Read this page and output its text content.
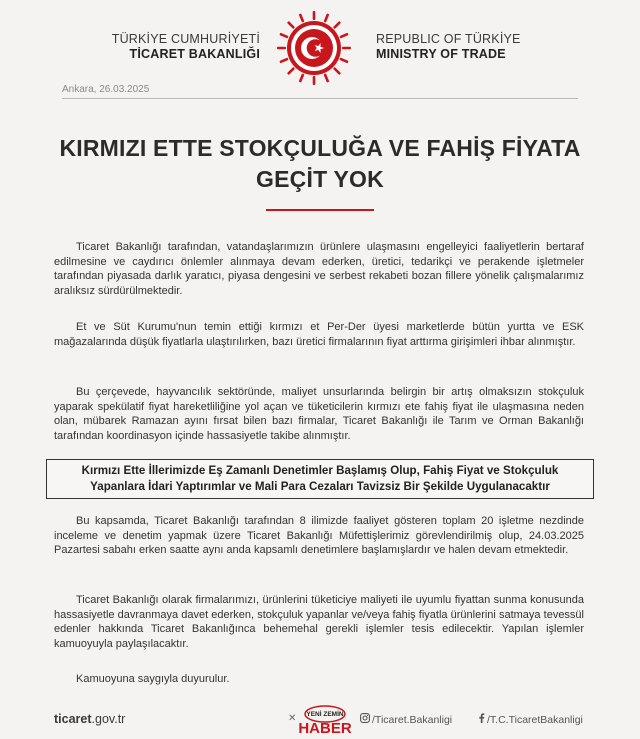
TÜRKİYE CUMHURİYETİ
TİCARET BAKANLIĞI
REPUBLIC OF TÜRKİYE
MINISTRY OF TRADE
Ankara, 26.03.2025
KIRMIZI ETTE STOKÇULUĞA VE FAHİŞ FİYATA GEÇİT YOK

Ticaret Bakanlığı tarafından, vatandaşlarımızın ürünlere ulaşmasını engelleyici faaliyetlerin bertaraf edilmesine ve caydırıcı önlemler alınmaya devam ederken, üretici, tedarikçi ve perakende işletmeler tarafından piyasada darlık yaratıcı, piyasa dengesini ve serbest rekabeti bozan fillere yönelik çalışmalarımız aralıksız sürdürülmektedir.

Et ve Süt Kurumu'nun temin ettiği kırmızı et Per-Der üyesi marketlerde bütün yurtta ve ESK mağazalarında düşük fiyatlarla ulaştırılırken, bazı üretici firmalarının fiyat arttırma girişimleri ihbar alınmıştır.

Bu çerçevede, hayvancılık sektöründe, maliyet unsurlarında belirgin bir artış olmaksızın stokçuluk yaparak spekülatif fiyat hareketliliğine yol açan ve tüketicilerin kırmızı ete fahiş fiyat ile ulaşmasına neden olan, mübarek Ramazan ayını fırsat bilen bazı firmalar, Ticaret Bakanlığı ile Tarım ve Orman Bakanlığı tarafından koordinasyon içinde hassasiyetle takibe alınmıştır.

Kırmızı Ette İllerimizde Eş Zamanlı Denetimler Başlamış Olup, Fahiş Fiyat ve Stokçuluk
Yapanlara İdari Yaptırımlar ve Mali Para Cezaları Tavizsiz Bir Şekilde Uygulanacaktır

Bu kapsamda, Ticaret Bakanlığı tarafından 8 ilimizde faaliyet gösteren toplam 20 işletme nezdinde inceleme ve denetim yapmak üzere Ticaret Bakanlığı Müfettişlerimiz görevlendirilmiş olup, 24.03.2025 Pazartesi sabahı erken saatte aynı anda kapsamlı denetimlere başlamışlardır ve halen devam etmektedir.

Ticaret Bakanlığı olarak firmalarımızı, ürünlerini tüketiciye maliyeti ile uyumlu fiyattan sunma konusunda hassasiyetle davranmaya davet ederken, stokçuluk yapanlar ve/veya fahiş fiyatla ürünlerini satmaya tevessül edenler hakkında Ticaret Bakanlığınca behemehal gerekli işlemler tesis edilecektir. Yapılan işlemler kamuoyuyla paylaşılacaktır.

Kamuoyuna saygıyla duyurulur.

ticaret.gov.tr	✕ YENİ ZEMİN
HABER	/Ticaret.Bakanligi	/T.C.TicaretBakanligi
